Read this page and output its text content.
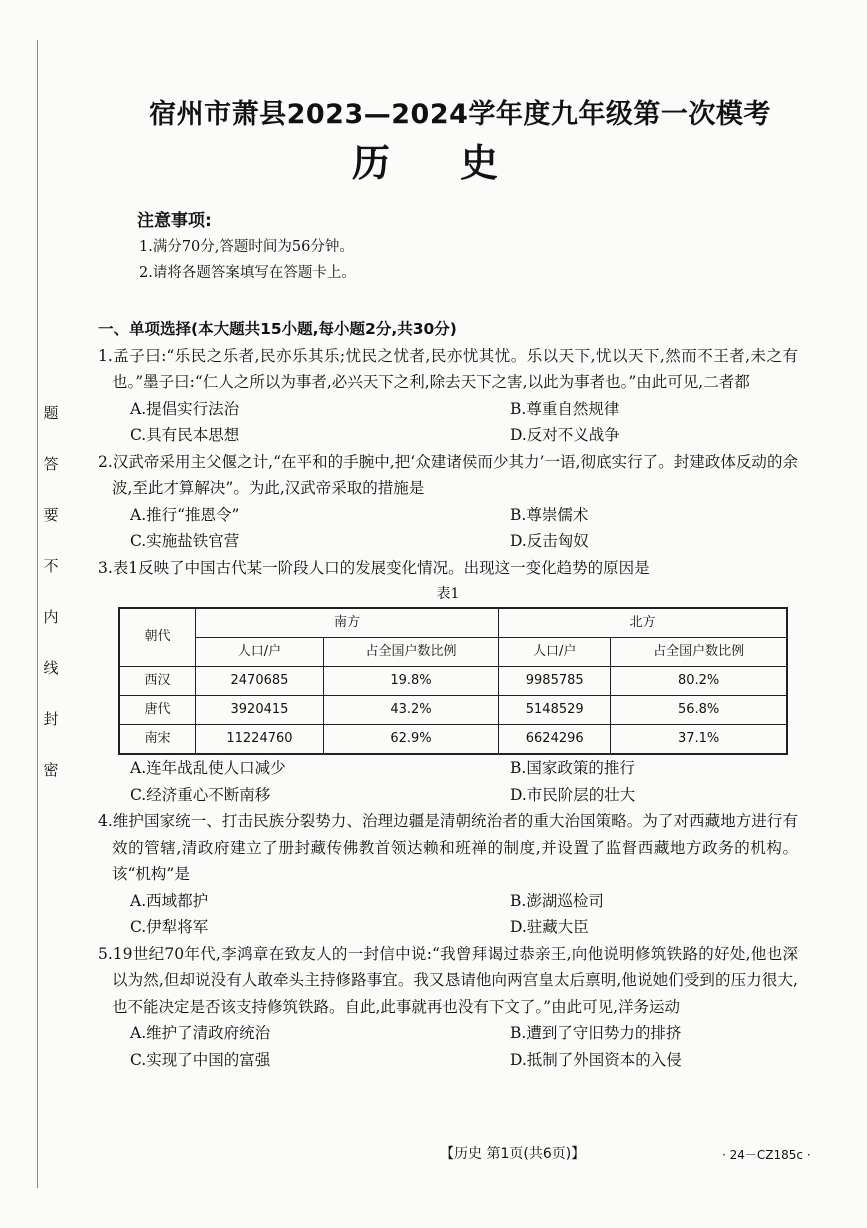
题
答
要
不
内
线
封
密
宿州市萧县2023—2024学年度九年级第一次模考
历史
注意事项:
1.满分70分,答题时间为56分钟。
2.请将各题答案填写在答题卡上。
一、单项选择(本大题共15小题,每小题2分,共30分)
1.孟子曰:“乐民之乐者,民亦乐其乐;忧民之忧者,民亦忧其忧。乐以天下,忧以天下,然而不王者,未之有也。”墨子曰:“仁人之所以为事者,必兴天下之利,除去天下之害,以此为事者也。”由此可见,二者都
A.提倡实行法治	B.尊重自然规律
C.具有民本思想	D.反对不义战争
2.汉武帝采用主父偃之计,“在平和的手腕中,把‘众建诸侯而少其力’一语,彻底实行了。封建政体反动的余波,至此才算解决”。为此,汉武帝采取的措施是
A.推行“推恩令”	B.尊崇儒术
C.实施盐铁官营	D.反击匈奴
3.表1反映了中国古代某一阶段人口的发展变化情况。出现这一变化趋势的原因是
表1
朝代	南方		北方	
	人口/户	占全国户数比例	人口/户	占全国户数比例
西汉	2470685	19.8%	9985785	80.2%
唐代	3920415	43.2%	5148529	56.8%
南宋	11224760	62.9%	6624296	37.1%
A.连年战乱使人口减少	B.国家政策的推行
C.经济重心不断南移	D.市民阶层的壮大
4.维护国家统一、打击民族分裂势力、治理边疆是清朝统治者的重大治国策略。为了对西藏地方进行有效的管辖,清政府建立了册封藏传佛教首领达赖和班禅的制度,并设置了监督西藏地方政务的机构。该“机构”是
A.西域都护	B.澎湖巡检司
C.伊犁将军	D.驻藏大臣
5.19世纪70年代,李鸿章在致友人的一封信中说:“我曾拜谒过恭亲王,向他说明修筑铁路的好处,他也深以为然,但却说没有人敢牵头主持修路事宜。我又恳请他向两宫皇太后禀明,他说她们受到的压力很大,也不能决定是否该支持修筑铁路。自此,此事就再也没有下文了。”由此可见,洋务运动
A.维护了清政府统治	B.遭到了守旧势力的排挤
C.实现了中国的富强	D.抵制了外国资本的入侵
【历史 第1页(共6页)】	· 24－CZ185c ·
